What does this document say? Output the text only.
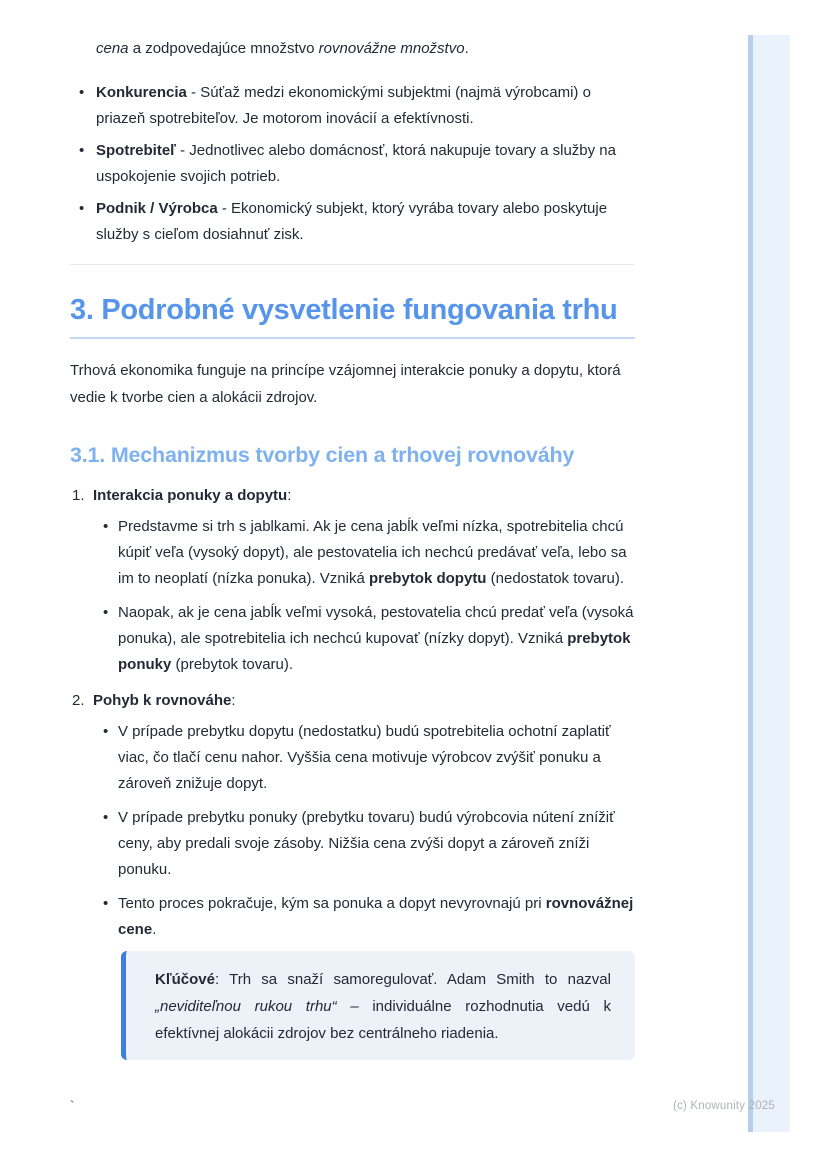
cena a zodpovedajúce množstvo rovnovážne množstvo.

• Konkurencia - Súťaž medzi ekonomickými subjektmi (najmä výrobcami) o priazeň spotrebiteľov. Je motorom inovácií a efektívnosti.
• Spotrebiteľ - Jednotlivec alebo domácnosť, ktorá nakupuje tovary a služby na uspokojenie svojich potrieb.
• Podnik / Výrobca - Ekonomický subjekt, ktorý vyrába tovary alebo poskytuje služby s cieľom dosiahnuť zisk.
3. Podrobné vysvetlenie fungovania trhu

Trhová ekonomika funguje na princípe vzájomnej interakcie ponuky a dopytu, ktorá vedie k tvorbe cien a alokácii zdrojov.

3.1. Mechanizmus tvorby cien a trhovej rovnováhy
1. Interakcia ponuky a dopytu:
• Predstavme si trh s jablkami. Ak je cena jabĺk veľmi nízka, spotrebitelia chcú kúpiť veľa (vysoký dopyt), ale pestovatelia ich nechcú predávať veľa, lebo sa im to neoplatí (nízka ponuka). Vzniká prebytok dopytu (nedostatok tovaru).
• Naopak, ak je cena jabĺk veľmi vysoká, pestovatelia chcú predať veľa (vysoká ponuka), ale spotrebitelia ich nechcú kupovať (nízky dopyt). Vzniká prebytok ponuky (prebytok tovaru).
2. Pohyb k rovnováhe:
• V prípade prebytku dopytu (nedostatku) budú spotrebitelia ochotní zaplatiť viac, čo tlačí cenu nahor. Vyššia cena motivuje výrobcov zvýšiť ponuku a zároveň znižuje dopyt.
• V prípade prebytku ponuky (prebytku tovaru) budú výrobcovia nútení znížiť ceny, aby predali svoje zásoby. Nižšia cena zvýši dopyt a zároveň zníži ponuku.
• Tento proces pokračuje, kým sa ponuka a dopyt nevyrovnajú pri rovnovážnej cene.

Kľúčové: Trh sa snaží samoregulovať. Adam Smith to nazval „neviditeľnou rukou trhu“ – individuálne rozhodnutia vedú k efektívnej alokácii zdrojov bez centrálneho riadenia.

`	(c) Knowunity 2025
